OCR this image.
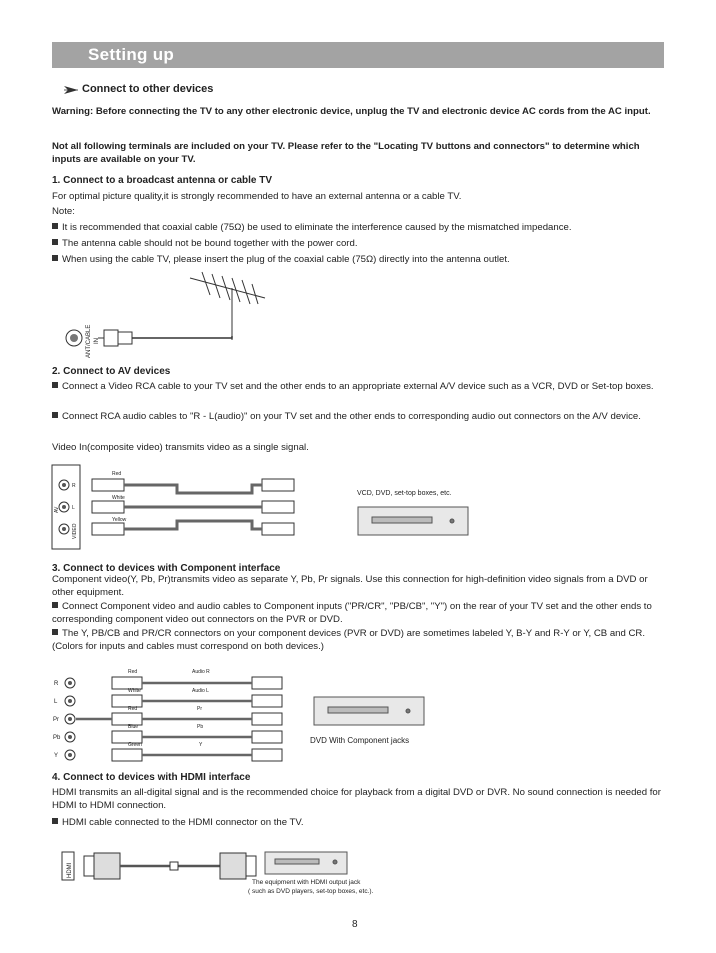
Setting up

Connect to other devices

Warning: Before connecting the TV to any other electronic device, unplug the TV and electronic device AC cords from the AC input.

Not all following terminals are included on your TV. Please refer to the "Locating TV buttons and connectors" to determine which inputs are available on your TV.

1. Connect to a broadcast antenna or cable TV

For optimal picture quality,it is strongly recommended to have an external antenna or a cable TV.

Note:

It is recommended that coaxial cable (75Ω) be used to eliminate the interference caused by the mismatched impedance.

The antenna cable should not be bound together with the power cord.

When using the cable TV, please insert the plug of the coaxial cable (75Ω) directly into the antenna outlet.

ANT/CABLE IN

2. Connect to AV devices

Connect a Video RCA cable to your TV set and the other ends to an appropriate external A/V device such as a VCR, DVD or Set-top boxes.

Connect RCA audio cables to "R - L(audio)" on your TV set and the other ends to corresponding audio out connectors on the A/V device.

Video In(composite video) transmits video as a single signal.

R
L
VIDEO
AV
Red
White
Yellow
VCD, DVD, set-top boxes, etc.

3. Connect to devices with Component interface

Component video(Y, Pb, Pr)transmits video as separate Y, Pb, Pr signals. Use this connection for high-definition video signals from a DVD or other equipment.

Connect Component video and audio cables to Component inputs ("PR/CR", "PB/CB", "Y") on the rear of your TV set and the other ends to corresponding component video out connectors on the PVR or DVD.

The Y, PB/CB and PR/CR connectors on your component devices (PVR or DVD) are sometimes labeled Y, B-Y and R-Y or Y, CB and CR. (Colors for inputs and cables must correspond on both devices.)

R
L
Pr
Pb
Y
Red
White
Red
Blue
Green
Audio R
Audio L
Pr
Pb
Y	DVD With Component jacks

4. Connect to devices with HDMI interface

HDMI transmits an all-digital signal and is the recommended choice for playback from a digital DVD or DVR. No sound connection is needed for HDMI to HDMI connection.

HDMI cable connected to the HDMI connector on the TV.

HDMI
The equipment with HDMI output jack
( such as DVD players, set-top boxes, etc.).

8
